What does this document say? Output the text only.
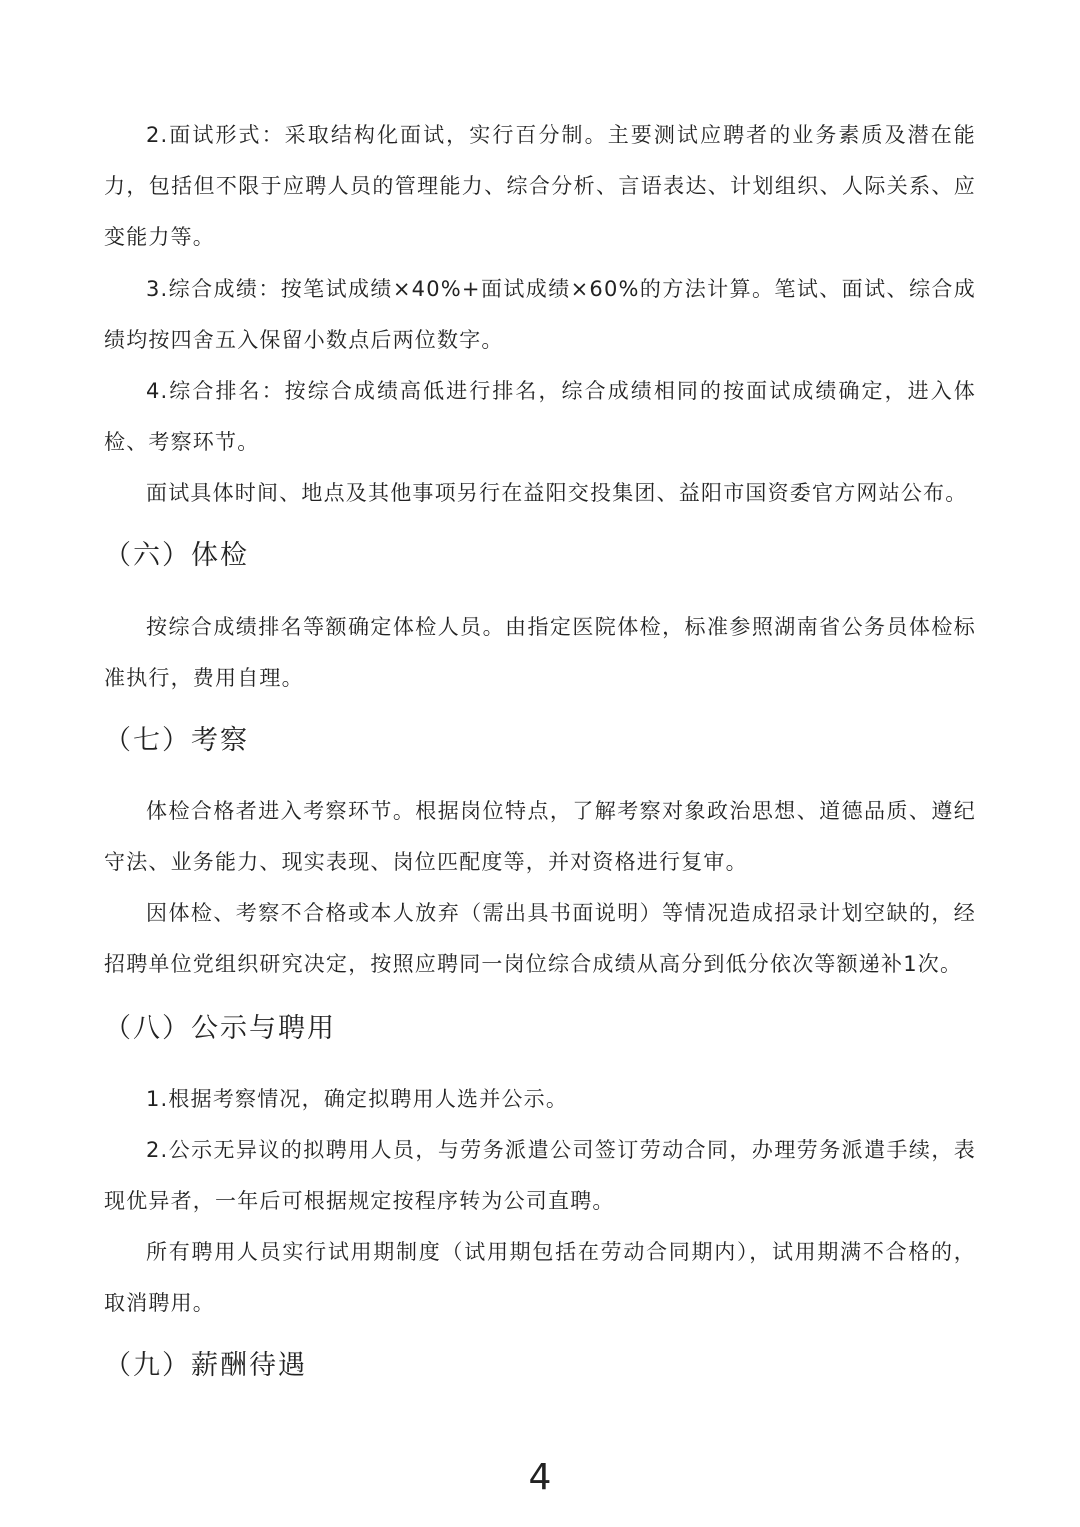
2.面试形式：采取结构化面试，实行百分制。主要测试应聘者的业务素质及潜在能力，包括但不限于应聘人员的管理能力、综合分析、言语表达、计划组织、人际关系、应变能力等。

3.综合成绩：按笔试成绩×40%+面试成绩×60%的方法计算。笔试、面试、综合成绩均按四舍五入保留小数点后两位数字。

4.综合排名：按综合成绩高低进行排名，综合成绩相同的按面试成绩确定，进入体检、考察环节。

面试具体时间、地点及其他事项另行在益阳交投集团、益阳市国资委官方网站公布。

（六）体检

按综合成绩排名等额确定体检人员。由指定医院体检，标准参照湖南省公务员体检标准执行，费用自理。

（七）考察

体检合格者进入考察环节。根据岗位特点，了解考察对象政治思想、道德品质、遵纪守法、业务能力、现实表现、岗位匹配度等，并对资格进行复审。

因体检、考察不合格或本人放弃（需出具书面说明）等情况造成招录计划空缺的，经招聘单位党组织研究决定，按照应聘同一岗位综合成绩从高分到低分依次等额递补1次。

（八）公示与聘用

1.根据考察情况，确定拟聘用人选并公示。

2.公示无异议的拟聘用人员，与劳务派遣公司签订劳动合同，办理劳务派遣手续，表现优异者，一年后可根据规定按程序转为公司直聘。

所有聘用人员实行试用期制度（试用期包括在劳动合同期内），试用期满不合格的，取消聘用。

（九）薪酬待遇
4
